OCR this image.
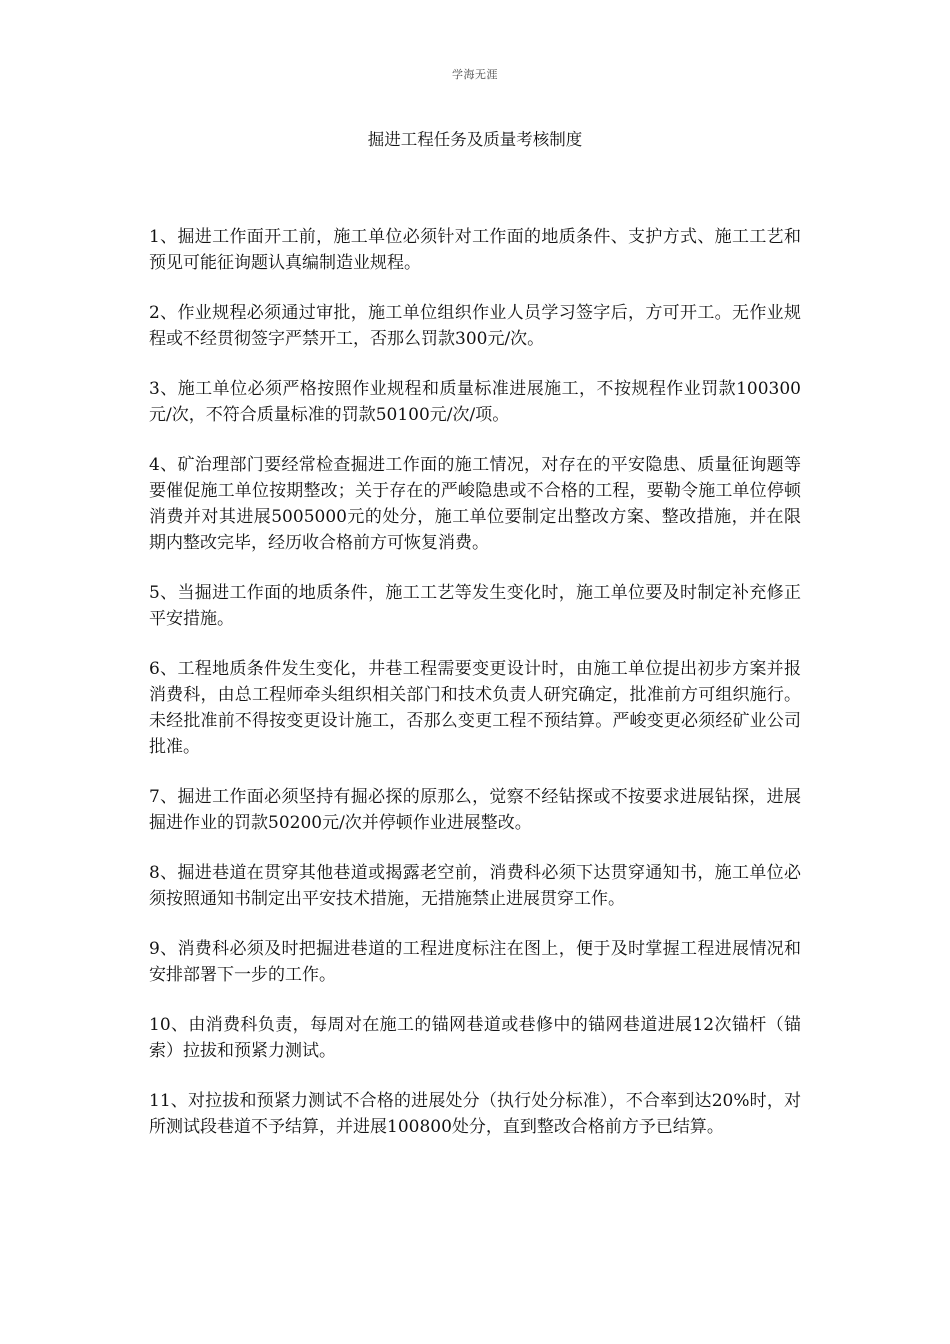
学海无涯
掘进工程任务及质量考核制度

1、掘进工作面开工前，施工单位必须针对工作面的地质条件、支护方式、施工工艺和预见可能征询题认真编制造业规程。

2、作业规程必须通过审批，施工单位组织作业人员学习签字后，方可开工。无作业规程或不经贯彻签字严禁开工，否那么罚款300元/次。

3、施工单位必须严格按照作业规程和质量标准进展施工，不按规程作业罚款100300元/次，不符合质量标准的罚款50100元/次/项。

4、矿治理部门要经常检查掘进工作面的施工情况，对存在的平安隐患、质量征询题等要催促施工单位按期整改；关于存在的严峻隐患或不合格的工程，要勒令施工单位停顿消费并对其进展5005000元的处分，施工单位要制定出整改方案、整改措施，并在限期内整改完毕，经历收合格前方可恢复消费。

5、当掘进工作面的地质条件，施工工艺等发生变化时，施工单位要及时制定补充修正平安措施。

6、工程地质条件发生变化，井巷工程需要变更设计时，由施工单位提出初步方案并报消费科，由总工程师牵头组织相关部门和技术负责人研究确定，批准前方可组织施行。未经批准前不得按变更设计施工，否那么变更工程不预结算。严峻变更必须经矿业公司批准。

7、掘进工作面必须坚持有掘必探的原那么，觉察不经钻探或不按要求进展钻探，进展掘进作业的罚款50200元/次并停顿作业进展整改。

8、掘进巷道在贯穿其他巷道或揭露老空前，消费科必须下达贯穿通知书，施工单位必须按照通知书制定出平安技术措施，无措施禁止进展贯穿工作。

9、消费科必须及时把掘进巷道的工程进度标注在图上，便于及时掌握工程进展情况和安排部署下一步的工作。

10、由消费科负责，每周对在施工的锚网巷道或巷修中的锚网巷道进展12次锚杆（锚索）拉拔和预紧力测试。

11、对拉拔和预紧力测试不合格的进展处分（执行处分标准），不合率到达20%时，对所测试段巷道不予结算，并进展100800处分，直到整改合格前方予已结算。
